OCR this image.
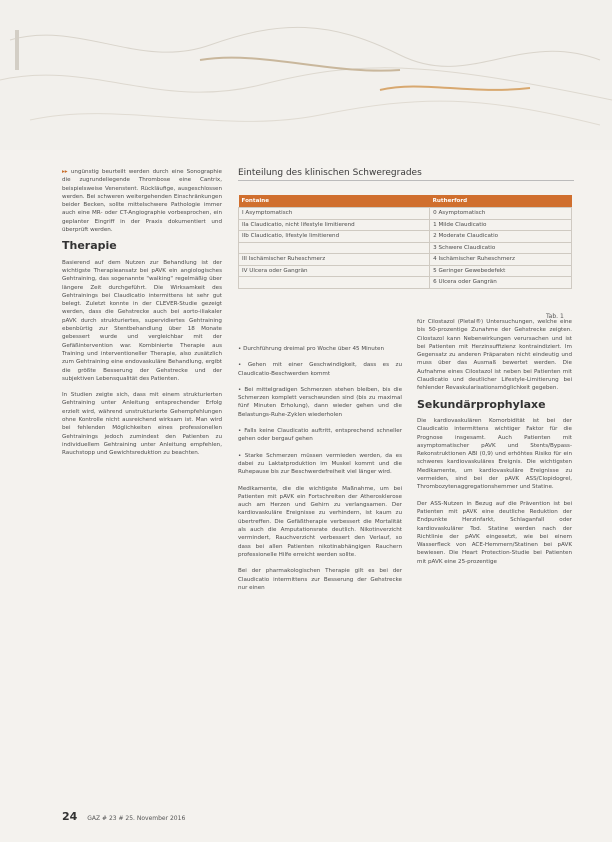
▸▸ ungünstig beurteilt werden durch eine Sonographie die zugrundeliegende Thrombose eine Cantrix, beispielsweise Venenstent. Rückläufige, ausgeschlossen werden. Bei schweren weitergehenden Einschränkungen beider Becken, sollte mittelschwere Pathologie immer auch eine MR- oder CT-Angiographie vorbesprochen, ein geplanter Eingriff in der Praxis dokumentiert und überprüft werden.

Therapie

Basierend auf dem Nutzen zur Behandlung ist der wichtigste Therapieansatz bei pAVK ein angiologisches Gehtraining, das sogenannte "walking" regelmäßig über längere Zeit durchgeführt. Die Wirksamkeit des Gehtrainings bei Claudicatio intermittens ist sehr gut belegt. Zuletzt konnte in der CLEVER-Studie gezeigt werden, dass die Gehstrecke auch bei aorto-iliakaler pAVK durch strukturiertes, supervidiertes Gehtraining ebenbürtig zur Stentbehandlung über 18 Monate gebessert wurde und vergleichbar mit der Gefäßintervention war. Kombinierte Therapie aus Training und interventioneller Therapie, also zusätzlich zum Gehtraining eine endovaskuläre Behandlung, ergibt die größte Besserung der Gehstrecke und der subjektiven Lebensqualität des Patienten.

In Studien zeigte sich, dass mit einem strukturierten Gehtraining unter Anleitung entsprechender Erfolg erzielt wird, während unstrukturierte Gehempfehlungen ohne Kontrolle nicht ausreichend wirksam ist. Man wird bei fehlenden Möglichkeiten eines professionellen Gehtrainings jedoch zumindest den Patienten zu individuellem Gehtraining unter Anleitung empfehlen, Rauchstopp und Gewichtsreduktion zu beachten.

Einteilung des klinischen Schweregrades
Fontaine	Rutherford
I Asymptomatisch	0 Asymptomatisch
IIa Claudicatio, nicht lifestyle limitierend	1 Milde Claudicatio
IIb Claudicatio, lifestyle limitierend	2 Moderate Claudicatio
	3 Schwere Claudicatio
III Ischämischer Ruheschmerz	4 Ischämischer Ruheschmerz
IV Ulcera oder Gangrän	5 Geringer Gewebedefekt
	6 Ulcera oder Gangrän
Tab. 1

• Durchführung dreimal pro Woche über 45 Minuten

• Gehen mit einer Geschwindigkeit, dass es zu Claudicatio-Beschwerden kommt

• Bei mittelgradigen Schmerzen stehen bleiben, bis die Schmerzen komplett verschwunden sind (bis zu maximal fünf Minuten Erholung), dann wieder gehen und die Belastungs-Ruhe-Zyklen wiederholen

• Falls keine Claudicatio auftritt, entsprechend schneller gehen oder bergauf gehen

• Starke Schmerzen müssen vermieden werden, da es dabei zu Laktatproduktion im Muskel kommt und die Ruhepause bis zur Beschwerdefreiheit viel länger wird.

Medikamente, die die wichtigste Maßnahme, um bei Patienten mit pAVK ein Fortschreiten der Atherosklerose auch am Herzen und Gehirn zu verlangsamen. Der kardiovaskuläre Ereignisse zu verhindern, ist kaum zu übertreffen. Die Gefäßtherapie verbessert die Mortalität als auch die Amputationsrate deutlich. Nikotinverzicht vermindert, Rauchverzicht verbessert den Verlauf, so dass bei allen Patienten nikotinabhängigen Rauchern professionelle Hilfe erreicht werden sollte.

Bei der pharmakologischen Therapie gilt es bei der Claudicatio intermittens zur Besserung der Gehstrecke nur einen

für Cilostazol (Pletal®) Untersuchungen, welche eine bis 50-prozentige Zunahme der Gehstrecke zeigten. Cilostazol kann Nebenwirkungen verursachen und ist bei Patienten mit Herzinsuffizienz kontraindiziert. Im Gegensatz zu anderen Präparaten nicht eindeutig und muss über das Ausmaß bewertet werden. Die Aufnahme eines Cilostazol ist neben bei Patienten mit Claudicatio und deutlicher Lifestyle-Limitierung bei fehlender Revaskularisationsmöglichkeit gegeben.

Sekundärprophylaxe

Die kardiovaskulären Komorbidität ist bei der Claudicatio intermittens wichtiger Faktor für die Prognose insgesamt. Auch Patienten mit asymptomatischer pAVK und Stents/Bypass-Rekonstruktionen ABI (0,9) und erhöhtes Risiko für ein schweres kardiovaskuläres Ereignis. Die wichtigsten Medikamente, um kardiovaskuläre Ereignisse zu vermeiden, sind bei der pAVK ASS/Clopidogrel, Thrombozytenaggregationshemmer und Statine.

Der ASS-Nutzen in Bezug auf die Prävention ist bei Patienten mit pAVK eine deutliche Reduktion der Endpunkte Herzinfarkt, Schlaganfall oder kardiovaskulärer Tod. Statine werden nach der Richtlinie der pAVK eingesetzt, wie bei einem Wasserfleck von ACE-Hemmern/Statinen bei pAVK bewiesen. Die Heart Protection-Studie bei Patienten mit pAVK eine 25-prozentige

24 GAZ # 23 # 25. November 2016
